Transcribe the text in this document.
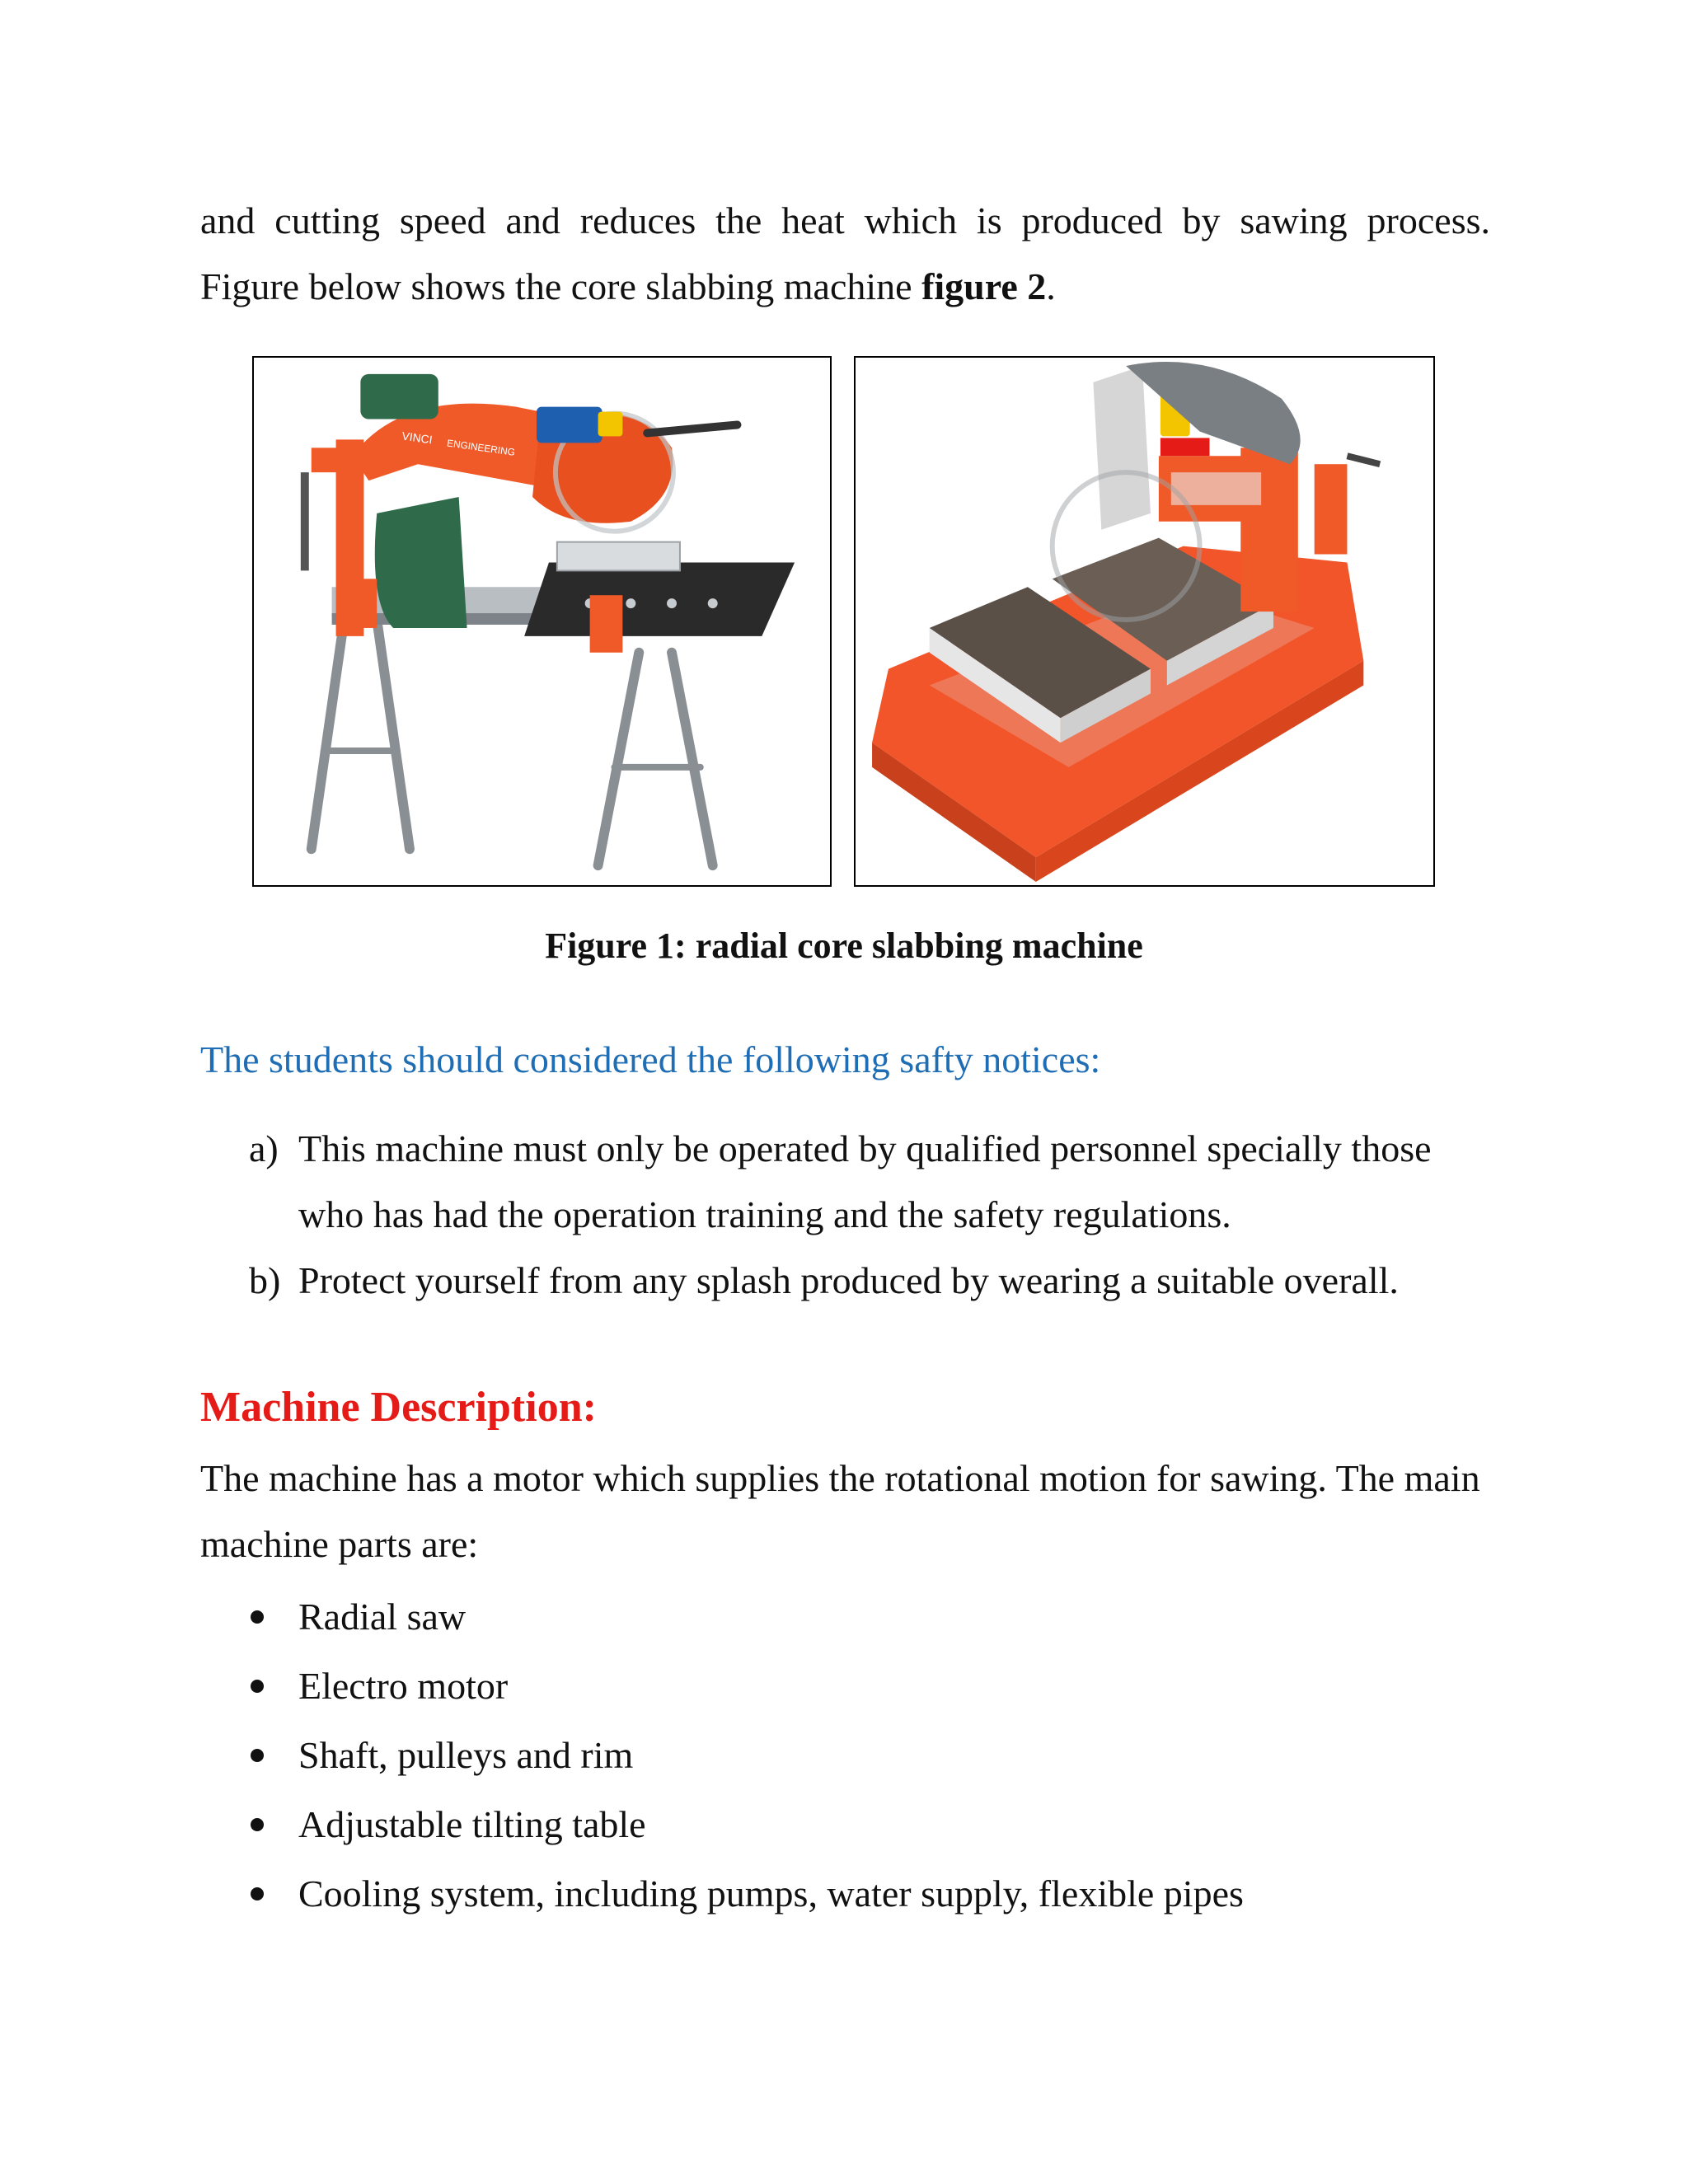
and cutting speed and reduces the heat which is produced by sawing process.
Figure below shows the core slabbing machine figure 2.
VINCI ENGINEERING
Figure 1: radial core slabbing machine
The students should considered the following safty notices:
a) This machine must only be operated by qualified personnel specially those who has had the operation training and the safety regulations.
b) Protect yourself from any splash produced by wearing a suitable overall.
Machine Description:
The machine has a motor which supplies the rotational motion for sawing. The main machine parts are:
Radial saw
Electro motor
Shaft, pulleys and rim
Adjustable tilting table
Cooling system, including pumps, water supply, flexible pipes
